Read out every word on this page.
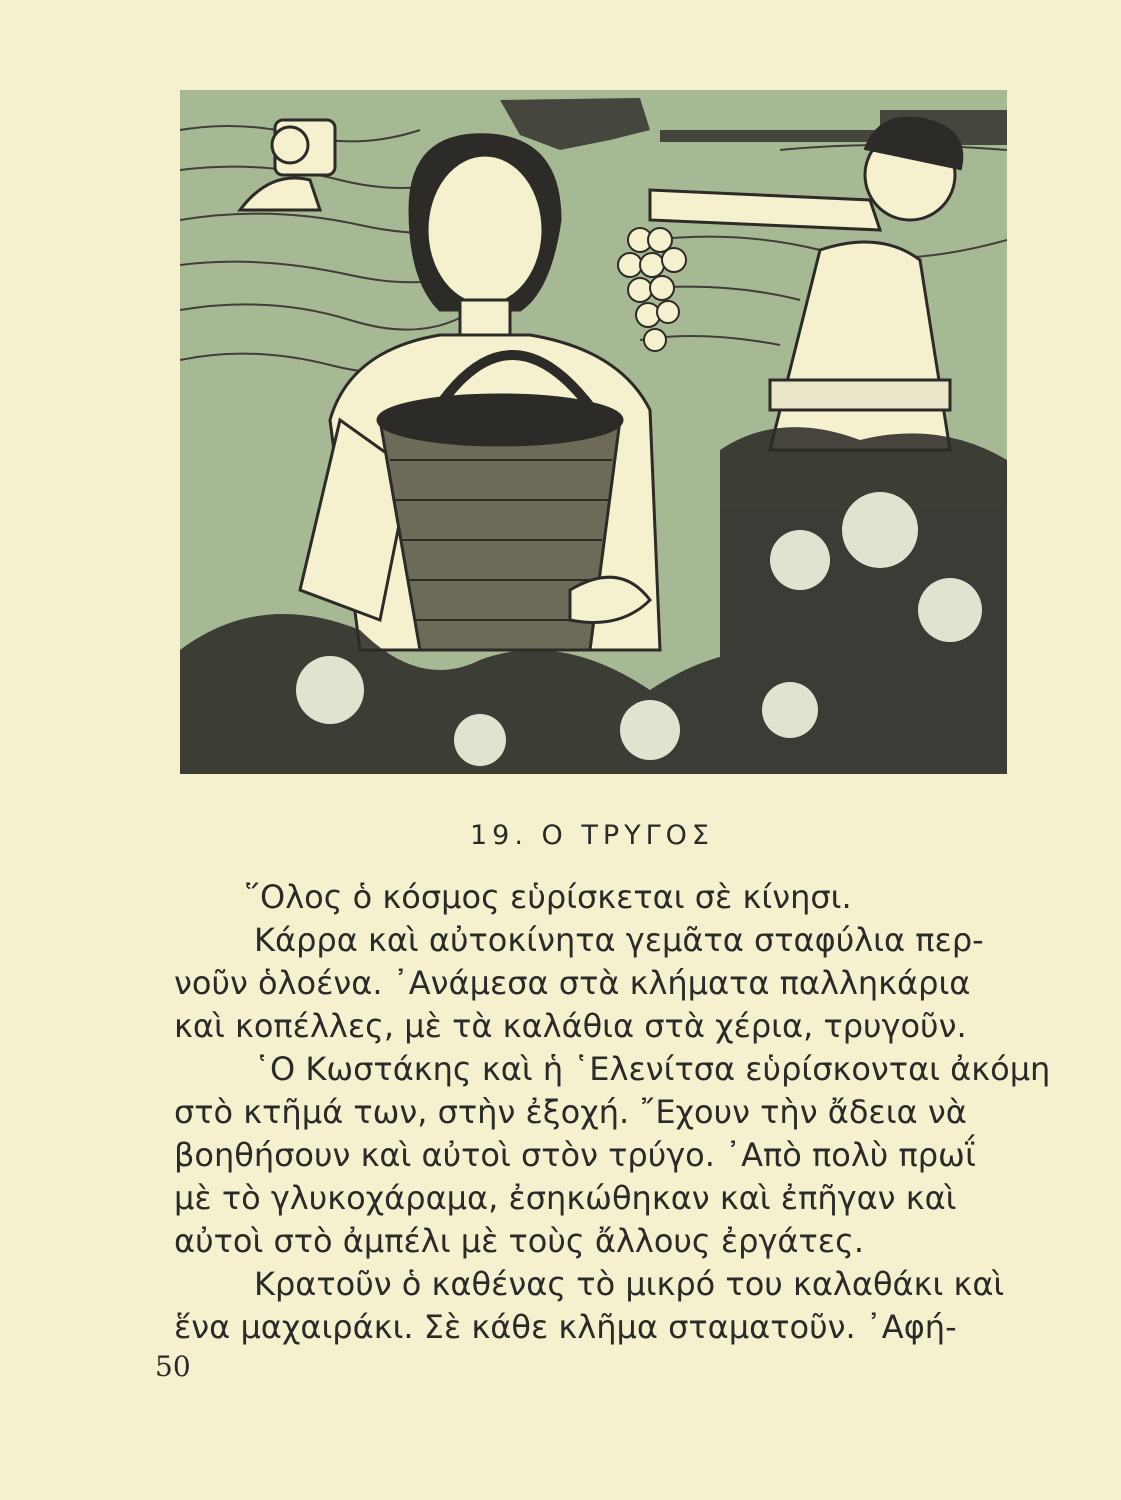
19. Ο ΤΡΥΓΟΣ
῞Ολος ὁ κόσμος εὑρίσκεται σὲ κίνησι.
Κάρρα καὶ αὐτοκίνητα γεμᾶτα σταφύλια περ-
νοῦν ὁλοένα. ᾿Ανάμεσα στὰ κλήματα παλληκάρια
καὶ κοπέλλες, μὲ τὰ καλάθια στὰ χέρια, τρυγοῦν.
῾Ο Κωστάκης καὶ ἡ ῾Ελενίτσα εὑρίσκονται ἀκόμη
στὸ κτῆμά των, στὴν ἐξοχή. ῎Εχουν τὴν ἄδεια νὰ
βοηθήσουν καὶ αὐτοὶ στὸν τρύγο. ᾿Απὸ πολὺ πρωΐ
μὲ τὸ γλυκοχάραμα, ἐσηκώθηκαν καὶ ἐπῆγαν καὶ
αὐτοὶ στὸ ἀμπέλι μὲ τοὺς ἄλλους ἐργάτες.
Κρατοῦν ὁ καθένας τὸ μικρό του καλαθάκι καὶ
ἕνα μαχαιράκι. Σὲ κάθε κλῆμα σταματοῦν. ᾿Αφή-
50
